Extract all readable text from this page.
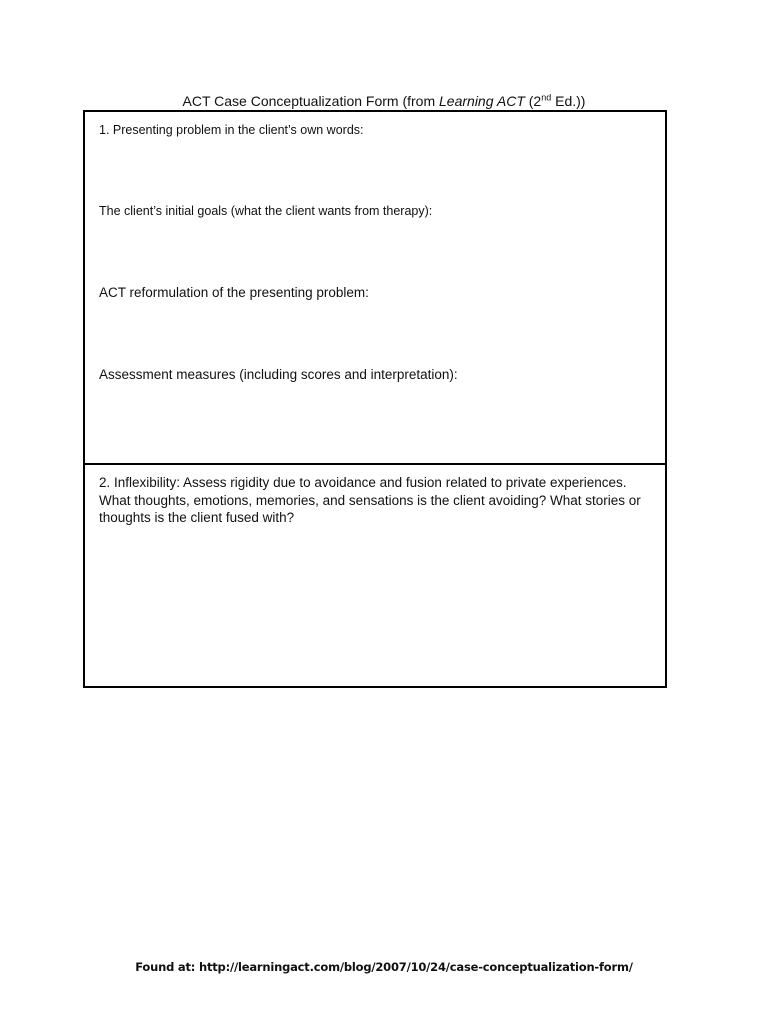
ACT Case Conceptualization Form (from Learning ACT (2nd Ed.))
1. Presenting problem in the client’s own words:
The client’s initial goals (what the client wants from therapy):
ACT reformulation of the presenting problem:
Assessment measures (including scores and interpretation):
2. Inflexibility: Assess rigidity due to avoidance and fusion related to private experiences. What thoughts, emotions, memories, and sensations is the client avoiding? What stories or thoughts is the client fused with?
Found at: http://learningact.com/blog/2007/10/24/case-conceptualization-form/
